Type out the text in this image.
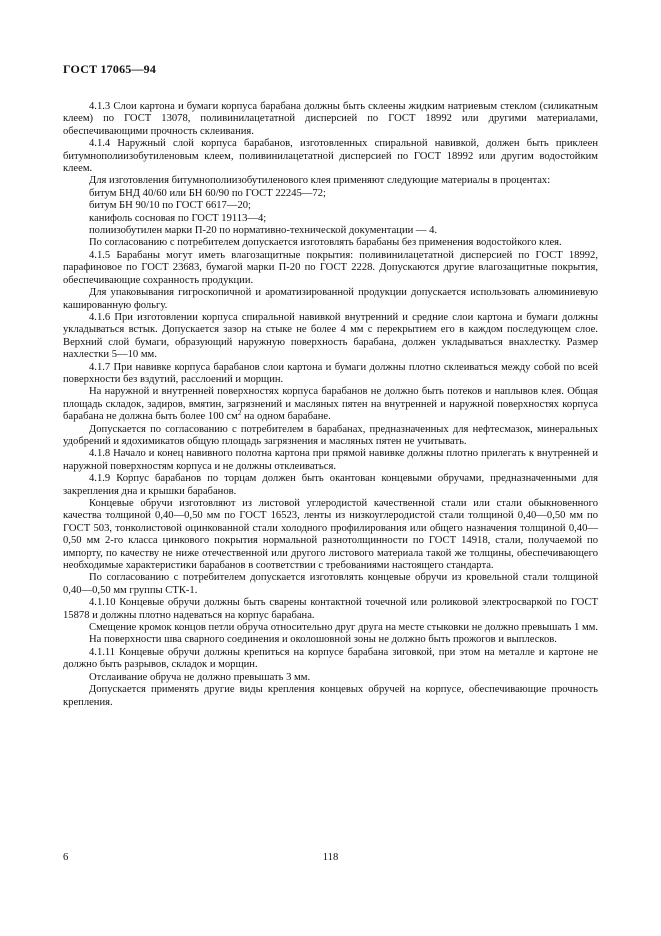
ГОСТ 17065—94

4.1.3 Слои картона и бумаги корпуса барабана должны быть склеены жидким натриевым стеклом (силикатным клеем) по ГОСТ 13078, поливинилацетатной дисперсией по ГОСТ 18992 или другими материалами, обеспечивающими прочность склеивания.

4.1.4 Наружный слой корпуса барабанов, изготовленных спиральной навивкой, должен быть приклеен битумнополиизобутиленовым клеем, поливинилацетатной дисперсией по ГОСТ 18992 или другим водостойким клеем.

Для изготовления битумнополиизобутиленового клея применяют следующие материалы в процентах:

битум БНД 40/60 или БН 60/90 по ГОСТ 22245—72;

битум БН 90/10 по ГОСТ 6617—20;

канифоль сосновая по ГОСТ 19113—4;

полиизобутилен марки П-20 по нормативно-технической документации — 4.

По согласованию с потребителем допускается изготовлять барабаны без применения водостойкого клея.

4.1.5 Барабаны могут иметь влагозащитные покрытия: поливинилацетатной дисперсией по ГОСТ 18992, парафиновое по ГОСТ 23683, бумагой марки П-20 по ГОСТ 2228. Допускаются другие влагозащитные покрытия, обеспечивающие сохранность продукции.

Для упаковывания гигроскопичной и ароматизированной продукции допускается использовать алюминиевую кашированную фольгу.

4.1.6 При изготовлении корпуса спиральной навивкой внутренний и средние слои картона и бумаги должны укладываться встык. Допускается зазор на стыке не более 4 мм с перекрытием его в каждом последующем слое. Верхний слой бумаги, образующий наружную поверхность барабана, должен укладываться внахлестку. Размер нахлестки 5—10 мм.

4.1.7 При навивке корпуса барабанов слои картона и бумаги должны плотно склеиваться между собой по всей поверхности без вздутий, расслоений и морщин.

На наружной и внутренней поверхностях корпуса барабанов не должно быть потеков и наплывов клея. Общая площадь складок, задиров, вмятин, загрязнений и масляных пятен на внутренней и наружной поверхностях корпуса барабана не должна быть более 100 $см^2$ на одном барабане.

Допускается по согласованию с потребителем в барабанах, предназначенных для нефтесмазок, минеральных удобрений и ядохимикатов общую площадь загрязнения и масляных пятен не учитывать.

4.1.8 Начало и конец навивного полотна картона при прямой навивке должны плотно прилегать к внутренней и наружной поверхностям корпуса и не должны отклеиваться.

4.1.9 Корпус барабанов по торцам должен быть окантован концевыми обручами, предназначенными для закрепления дна и крышки барабанов.

Концевые обручи изготовляют из листовой углеродистой качественной стали или стали обыкновенного качества толщиной 0,40—0,50 мм по ГОСТ 16523, ленты из низкоуглеродистой стали толщиной 0,40—0,50 мм по ГОСТ 503, тонколистовой оцинкованной стали холодного профилирования или общего назначения толщиной 0,40—0,50 мм 2-го класса цинкового покрытия нормальной разнотолщинности по ГОСТ 14918, стали, получаемой по импорту, по качеству не ниже отечественной или другого листового материала такой же толщины, обеспечивающего необходимые характеристики барабанов в соответствии с требованиями настоящего стандарта.

По согласованию с потребителем допускается изготовлять концевые обручи из кровельной стали толщиной 0,40—0,50 мм группы СТК-1.

4.1.10 Концевые обручи должны быть сварены контактной точечной или роликовой электросваркой по ГОСТ 15878 и должны плотно надеваться на корпус барабана.

Смещение кромок концов петли обруча относительно друг друга на месте стыковки не должно превышать 1 мм.

На поверхности шва сварного соединения и околошовной зоны не должно быть прожогов и выплесков.

4.1.11 Концевые обручи должны крепиться на корпусе барабана зиговкой, при этом на металле и картоне не должно быть разрывов, складок и морщин.

Отслаивание обруча не должно превышать 3 мм.

Допускается применять другие виды крепления концевых обручей на корпусе, обеспечивающие прочность крепления.

118
6
